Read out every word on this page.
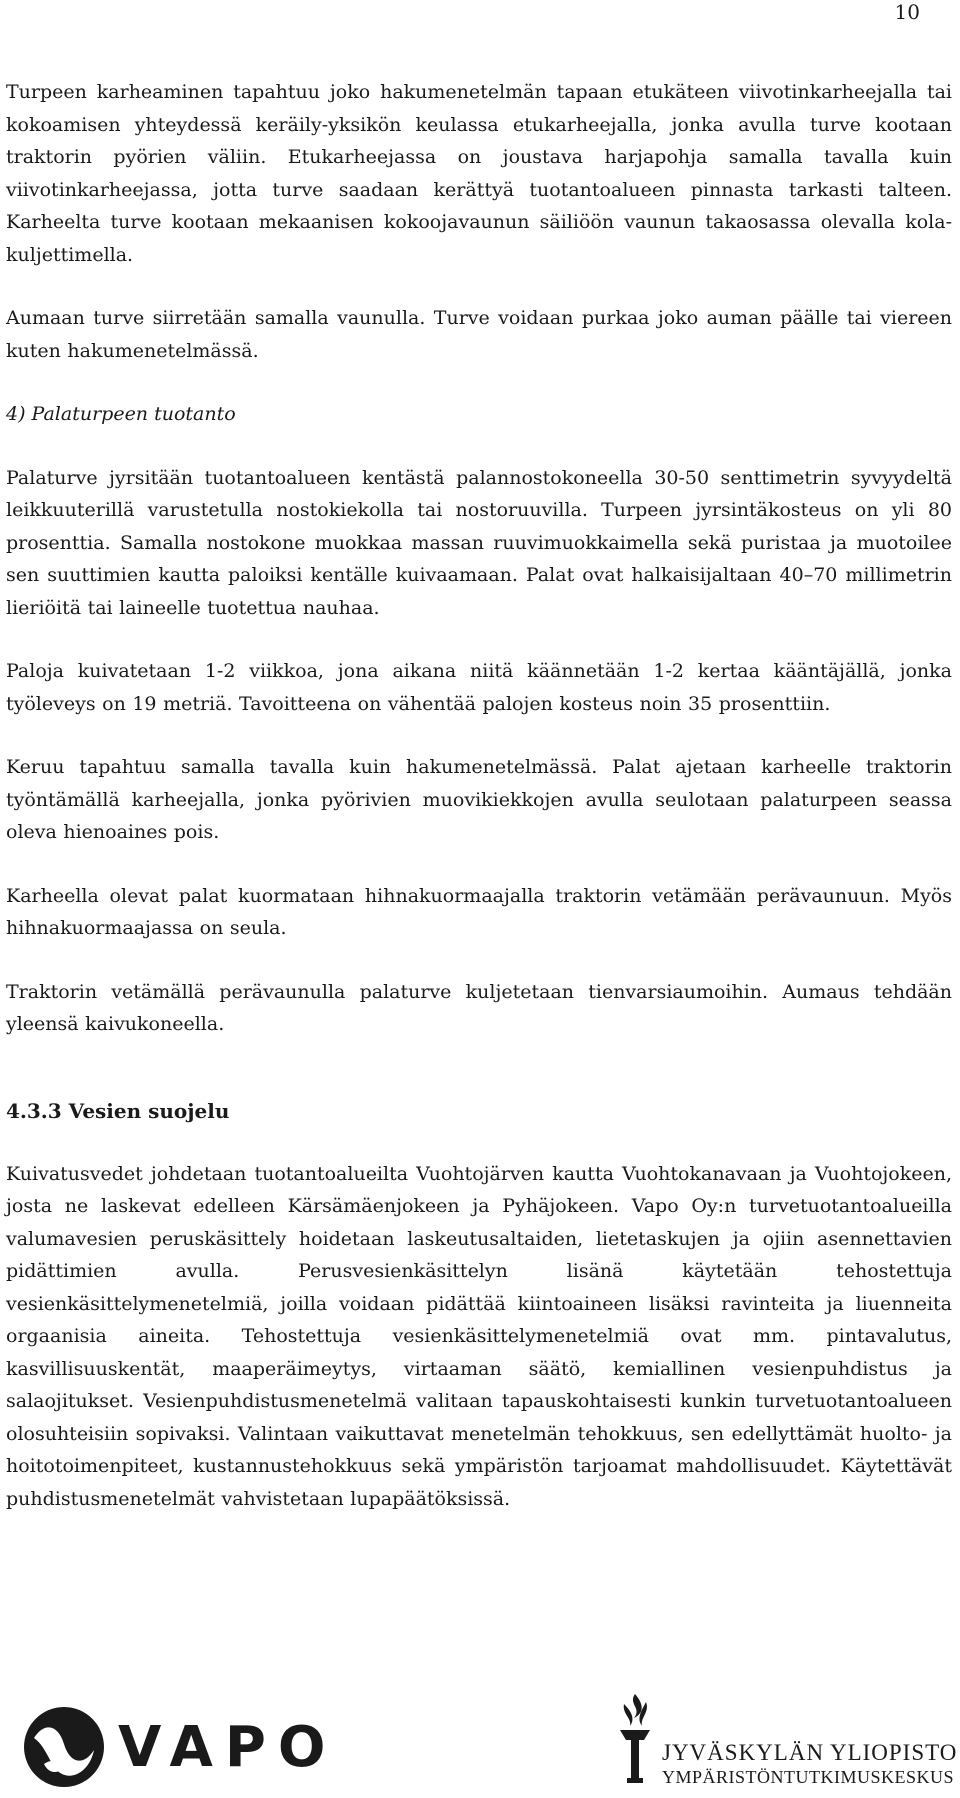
10

Turpeen karheaminen tapahtuu joko hakumenetelmän tapaan etukäteen viivotinkarheejalla tai kokoamisen yhteydessä keräily-yksikön keulassa etukarheejalla, jonka avulla turve kootaan traktorin pyörien väliin. Etukarheejassa on joustava harjapohja samalla tavalla kuin viivotinkarheejassa, jotta turve saadaan kerättyä tuotantoalueen pinnasta tarkasti talteen. Karheelta turve kootaan mekaanisen kokoojavaunun säiliöön vaunun takaosassa olevalla kola-kuljettimella.

Aumaan turve siirretään samalla vaunulla. Turve voidaan purkaa joko auman päälle tai viereen kuten hakumenetelmässä.

4) Palaturpeen tuotanto

Palaturve jyrsitään tuotantoalueen kentästä palannostokoneella 30-50 senttimetrin syvyydeltä leikkuuterillä varustetulla nostokiekolla tai nostoruuvilla. Turpeen jyrsintäkosteus on yli 80 prosenttia. Samalla nostokone muokkaa massan ruuvimuokkaimella sekä puristaa ja muotoilee sen suuttimien kautta paloiksi kentälle kuivaamaan. Palat ovat halkaisijaltaan 40–70 millimetrin lieriöitä tai laineelle tuotettua nauhaa.

Paloja kuivatetaan 1-2 viikkoa, jona aikana niitä käännetään 1-2 kertaa kääntäjällä, jonka työleveys on 19 metriä. Tavoitteena on vähentää palojen kosteus noin 35 prosenttiin.

Keruu tapahtuu samalla tavalla kuin hakumenetelmässä. Palat ajetaan karheelle traktorin työntämällä karheejalla, jonka pyörivien muovikiekkojen avulla seulotaan palaturpeen seassa oleva hienoaines pois.

Karheella olevat palat kuormataan hihnakuormaajalla traktorin vetämään perävaunuun. Myös hihnakuormaajassa on seula.

Traktorin vetämällä perävaunulla palaturve kuljetetaan tienvarsiaumoihin. Aumaus tehdään yleensä kaivukoneella.

4.3.3 Vesien suojelu

Kuivatusvedet johdetaan tuotantoalueilta Vuohtojärven kautta Vuohtokanavaan ja Vuohtojokeen, josta ne laskevat edelleen Kärsämäenjokeen ja Pyhäjokeen. Vapo Oy:n turvetuotantoalueilla valumavesien peruskäsittely hoidetaan laskeutusaltaiden, lietetaskujen ja ojiin asennettavien pidättimien avulla. Perusvesienkäsittelyn lisänä käytetään tehostettuja vesienkäsittelymenetelmiä, joilla voidaan pidättää kiintoaineen lisäksi ravinteita ja liuenneita orgaanisia aineita. Tehostettuja vesienkäsittelymenetelmiä ovat mm. pintavalutus, kasvillisuuskentät, maaperäimeytys, virtaaman säätö, kemiallinen vesienpuhdistus ja salaojitukset. Vesienpuhdistusmenetelmä valitaan tapauskohtaisesti kunkin turvetuotantoalueen olosuhteisiin sopivaksi. Valintaan vaikuttavat menetelmän tehokkuus, sen edellyttämät huolto- ja hoitotoimenpiteet, kustannustehokkuus sekä ympäristön tarjoamat mahdollisuudet. Käytettävät puhdistusmenetelmät vahvistetaan lupapäätöksissä.

VAPO	JYVÄSKYLÄN YLIOPISTO
YMPÄRISTÖNTUTKIMUSKESKUS
